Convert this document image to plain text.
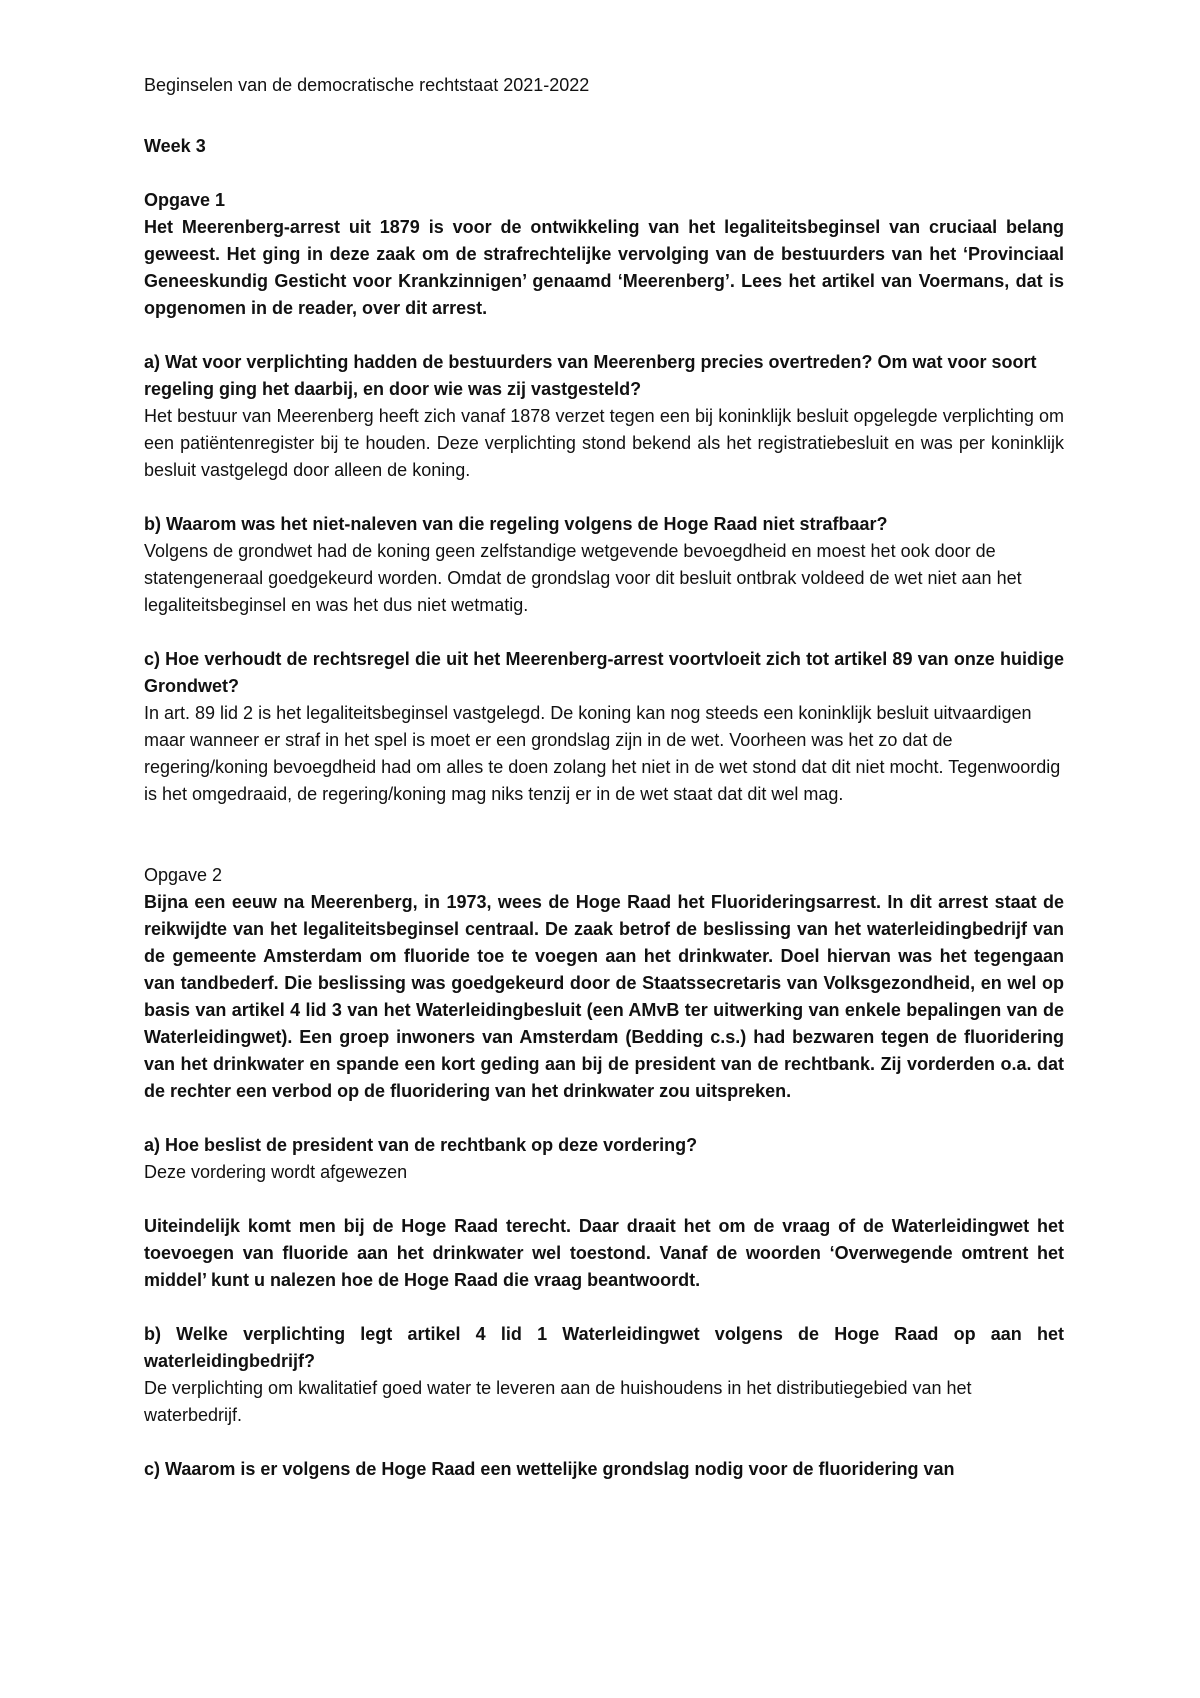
Beginselen van de democratische rechtstaat 2021-2022

Week 3

Opgave 1

Het Meerenberg-arrest uit 1879 is voor de ontwikkeling van het legaliteitsbeginsel van cruciaal belang geweest. Het ging in deze zaak om de strafrechtelijke vervolging van de bestuurders van het ‘Provinciaal Geneeskundig Gesticht voor Krankzinnigen’ genaamd ‘Meerenberg’. Lees het artikel van Voermans, dat is opgenomen in de reader, over dit arrest.

a) Wat voor verplichting hadden de bestuurders van Meerenberg precies overtreden? Om wat voor soort regeling ging het daarbij, en door wie was zij vastgesteld?

Het bestuur van Meerenberg heeft zich vanaf 1878 verzet tegen een bij koninklijk besluit opgelegde verplichting om een patiëntenregister bij te houden. Deze verplichting stond bekend als het registratiebesluit en was per koninklijk besluit vastgelegd door alleen de koning.

b) Waarom was het niet-naleven van die regeling volgens de Hoge Raad niet strafbaar?

Volgens de grondwet had de koning geen zelfstandige wetgevende bevoegdheid en moest het ook door de statengeneraal goedgekeurd worden. Omdat de grondslag voor dit besluit ontbrak voldeed de wet niet aan het legaliteitsbeginsel en was het dus niet wetmatig.

c) Hoe verhoudt de rechtsregel die uit het Meerenberg-arrest voortvloeit zich tot artikel 89 van onze huidige Grondwet?

In art. 89 lid 2 is het legaliteitsbeginsel vastgelegd. De koning kan nog steeds een koninklijk besluit uitvaardigen maar wanneer er straf in het spel is moet er een grondslag zijn in de wet. Voorheen was het zo dat de regering/koning bevoegdheid had om alles te doen zolang het niet in de wet stond dat dit niet mocht. Tegenwoordig is het omgedraaid, de regering/koning mag niks tenzij er in de wet staat dat dit wel mag.

Opgave 2

Bijna een eeuw na Meerenberg, in 1973, wees de Hoge Raad het Fluorideringsarrest. In dit arrest staat de reikwijdte van het legaliteitsbeginsel centraal. De zaak betrof de beslissing van het waterleidingbedrijf van de gemeente Amsterdam om fluoride toe te voegen aan het drinkwater. Doel hiervan was het tegengaan van tandbederf. Die beslissing was goedgekeurd door de Staatssecretaris van Volksgezondheid, en wel op basis van artikel 4 lid 3 van het Waterleidingbesluit (een AMvB ter uitwerking van enkele bepalingen van de Waterleidingwet). Een groep inwoners van Amsterdam (Bedding c.s.) had bezwaren tegen de fluoridering van het drinkwater en spande een kort geding aan bij de president van de rechtbank. Zij vorderden o.a. dat de rechter een verbod op de fluoridering van het drinkwater zou uitspreken.

a) Hoe beslist de president van de rechtbank op deze vordering?

Deze vordering wordt afgewezen

Uiteindelijk komt men bij de Hoge Raad terecht. Daar draait het om de vraag of de Waterleidingwet het toevoegen van fluoride aan het drinkwater wel toestond. Vanaf de woorden ‘Overwegende omtrent het middel’ kunt u nalezen hoe de Hoge Raad die vraag beantwoordt.

b) Welke verplichting legt artikel 4 lid 1 Waterleidingwet volgens de Hoge Raad op aan het waterleidingbedrijf?

De verplichting om kwalitatief goed water te leveren aan de huishoudens in het distributiegebied van het waterbedrijf.

c) Waarom is er volgens de Hoge Raad een wettelijke grondslag nodig voor de fluoridering van
